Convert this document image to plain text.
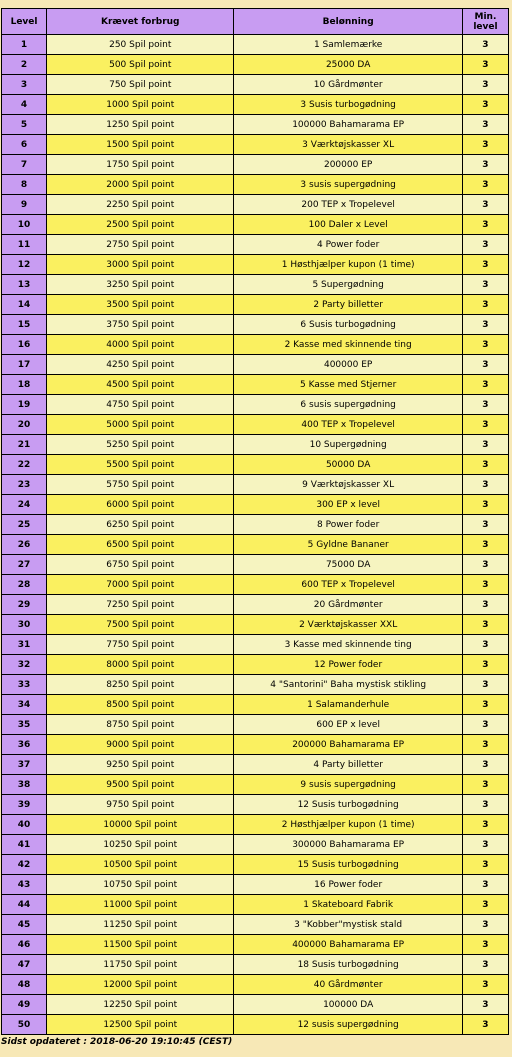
Level	Krævet forbrug	Belønning	Min. level
1	250 Spil point	1 Samlemærke	3
2	500 Spil point	25000 DA	3
3	750 Spil point	10 Gårdmønter	3
4	1000 Spil point	3 Susis turbogødning	3
5	1250 Spil point	100000 Bahamarama EP	3
6	1500 Spil point	3 Værktøjskasser XL	3
7	1750 Spil point	200000 EP	3
8	2000 Spil point	3 susis supergødning	3
9	2250 Spil point	200 TEP x Tropelevel	3
10	2500 Spil point	100 Daler x Level	3
11	2750 Spil point	4 Power foder	3
12	3000 Spil point	1 Høsthjælper kupon (1 time)	3
13	3250 Spil point	5 Supergødning	3
14	3500 Spil point	2 Party billetter	3
15	3750 Spil point	6 Susis turbogødning	3
16	4000 Spil point	2 Kasse med skinnende ting	3
17	4250 Spil point	400000 EP	3
18	4500 Spil point	5 Kasse med Stjerner	3
19	4750 Spil point	6 susis supergødning	3
20	5000 Spil point	400 TEP x Tropelevel	3
21	5250 Spil point	10 Supergødning	3
22	5500 Spil point	50000 DA	3
23	5750 Spil point	9 Værktøjskasser XL	3
24	6000 Spil point	300 EP x level	3
25	6250 Spil point	8 Power foder	3
26	6500 Spil point	5 Gyldne Bananer	3
27	6750 Spil point	75000 DA	3
28	7000 Spil point	600 TEP x Tropelevel	3
29	7250 Spil point	20 Gårdmønter	3
30	7500 Spil point	2 Værktøjskasser XXL	3
31	7750 Spil point	3 Kasse med skinnende ting	3
32	8000 Spil point	12 Power foder	3
33	8250 Spil point	4 "Santorini" Baha mystisk stikling	3
34	8500 Spil point	1 Salamanderhule	3
35	8750 Spil point	600 EP x level	3
36	9000 Spil point	200000 Bahamarama EP	3
37	9250 Spil point	4 Party billetter	3
38	9500 Spil point	9 susis supergødning	3
39	9750 Spil point	12 Susis turbogødning	3
40	10000 Spil point	2 Høsthjælper kupon (1 time)	3
41	10250 Spil point	300000 Bahamarama EP	3
42	10500 Spil point	15 Susis turbogødning	3
43	10750 Spil point	16 Power foder	3
44	11000 Spil point	1 Skateboard Fabrik	3
45	11250 Spil point	3 "Kobber"mystisk stald	3
46	11500 Spil point	400000 Bahamarama EP	3
47	11750 Spil point	18 Susis turbogødning	3
48	12000 Spil point	40 Gårdmønter	3
49	12250 Spil point	100000 DA	3
50	12500 Spil point	12 susis supergødning	3
Sidst opdateret : 2018-06-20 19:10:45 (CEST)
